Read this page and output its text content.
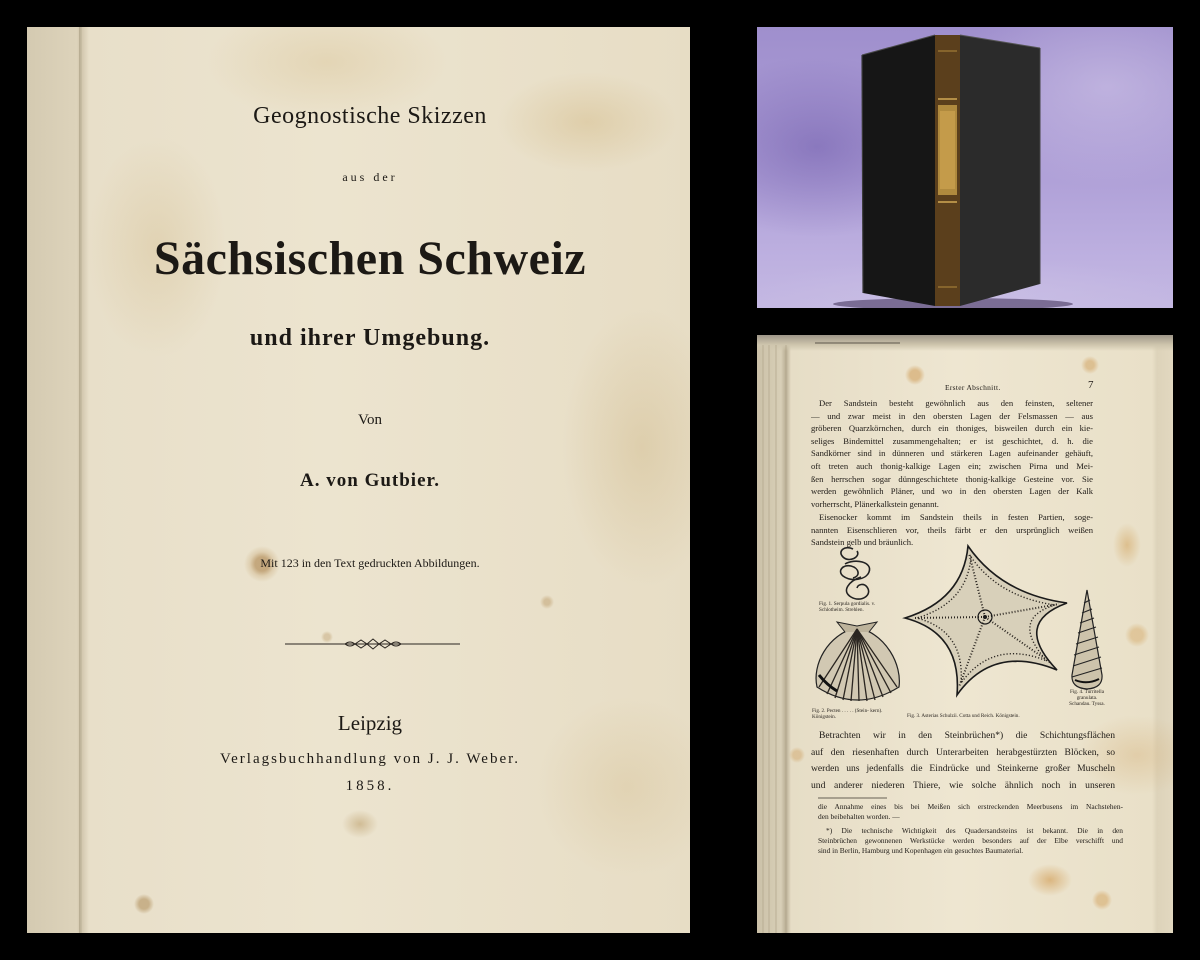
Geognostische Skizzen
aus der
Sächsischen Schweiz
und ihrer Umgebung.
Von
A. von Gutbier.
Mit 123 in den Text gedruckten Abbildungen.
Leipzig
Verlagsbuchhandlung von J. J. Weber.
1858.
Erster Abschnitt.	7
Der Sandstein besteht gewöhnlich aus den feinsten, seltener
— und zwar meist in den obersten Lagen der Felsmassen — aus
gröberen Quarzkörnchen, durch ein thoniges, bisweilen durch ein kie-
seliges Bindemittel zusammengehalten; er ist geschichtet, d. h. die
Sandkörner sind in dünneren und stärkeren Lagen aufeinander gehäuft,
oft treten auch thonig-kalkige Lagen ein; zwischen Pirna und Mei-
ßen herrschen sogar dünngeschichtete thonig-kalkige Gesteine vor. Sie
werden gewöhnlich Pläner, und wo in den obersten Lagen der Kalk
vorherrscht, Plänerkalkstein genannt.
Eisenocker kommt im Sandstein theils in festen Partien, soge-
nannten Eisenschlieren vor, theils färbt er den ursprünglich weißen
Sandstein gelb und bräunlich.
Fig. 1. Serpula gordialis. v. Schlotheim. Strehlen.
Fig. 2. Pecten . . . . . (Stein- kern). Königstein.	Fig. 3. Asterias Schulzii. Cotta und Reich. Königstein.
Fig. 4. Turritella granulata. Schandau. Tyssa.
Betrachten wir in den Steinbrüchen*) die Schichtungsflächen
auf den riesenhaften durch Unterarbeiten herabgestürzten Blöcken, so
werden uns jedenfalls die Eindrücke und Steinkerne großer Muscheln
und anderer niederen Thiere, wie solche ähnlich noch in unseren
die Annahme eines bis bei Meißen sich erstreckenden Meerbusens im Nachstehen-
den beibehalten worden. —
*) Die technische Wichtigkeit des Quadersandsteins ist bekannt. Die in den
Steinbrüchen gewonnenen Werkstücke werden besonders auf der Elbe verschifft und
sind in Berlin, Hamburg und Kopenhagen ein gesuchtes Baumaterial.
